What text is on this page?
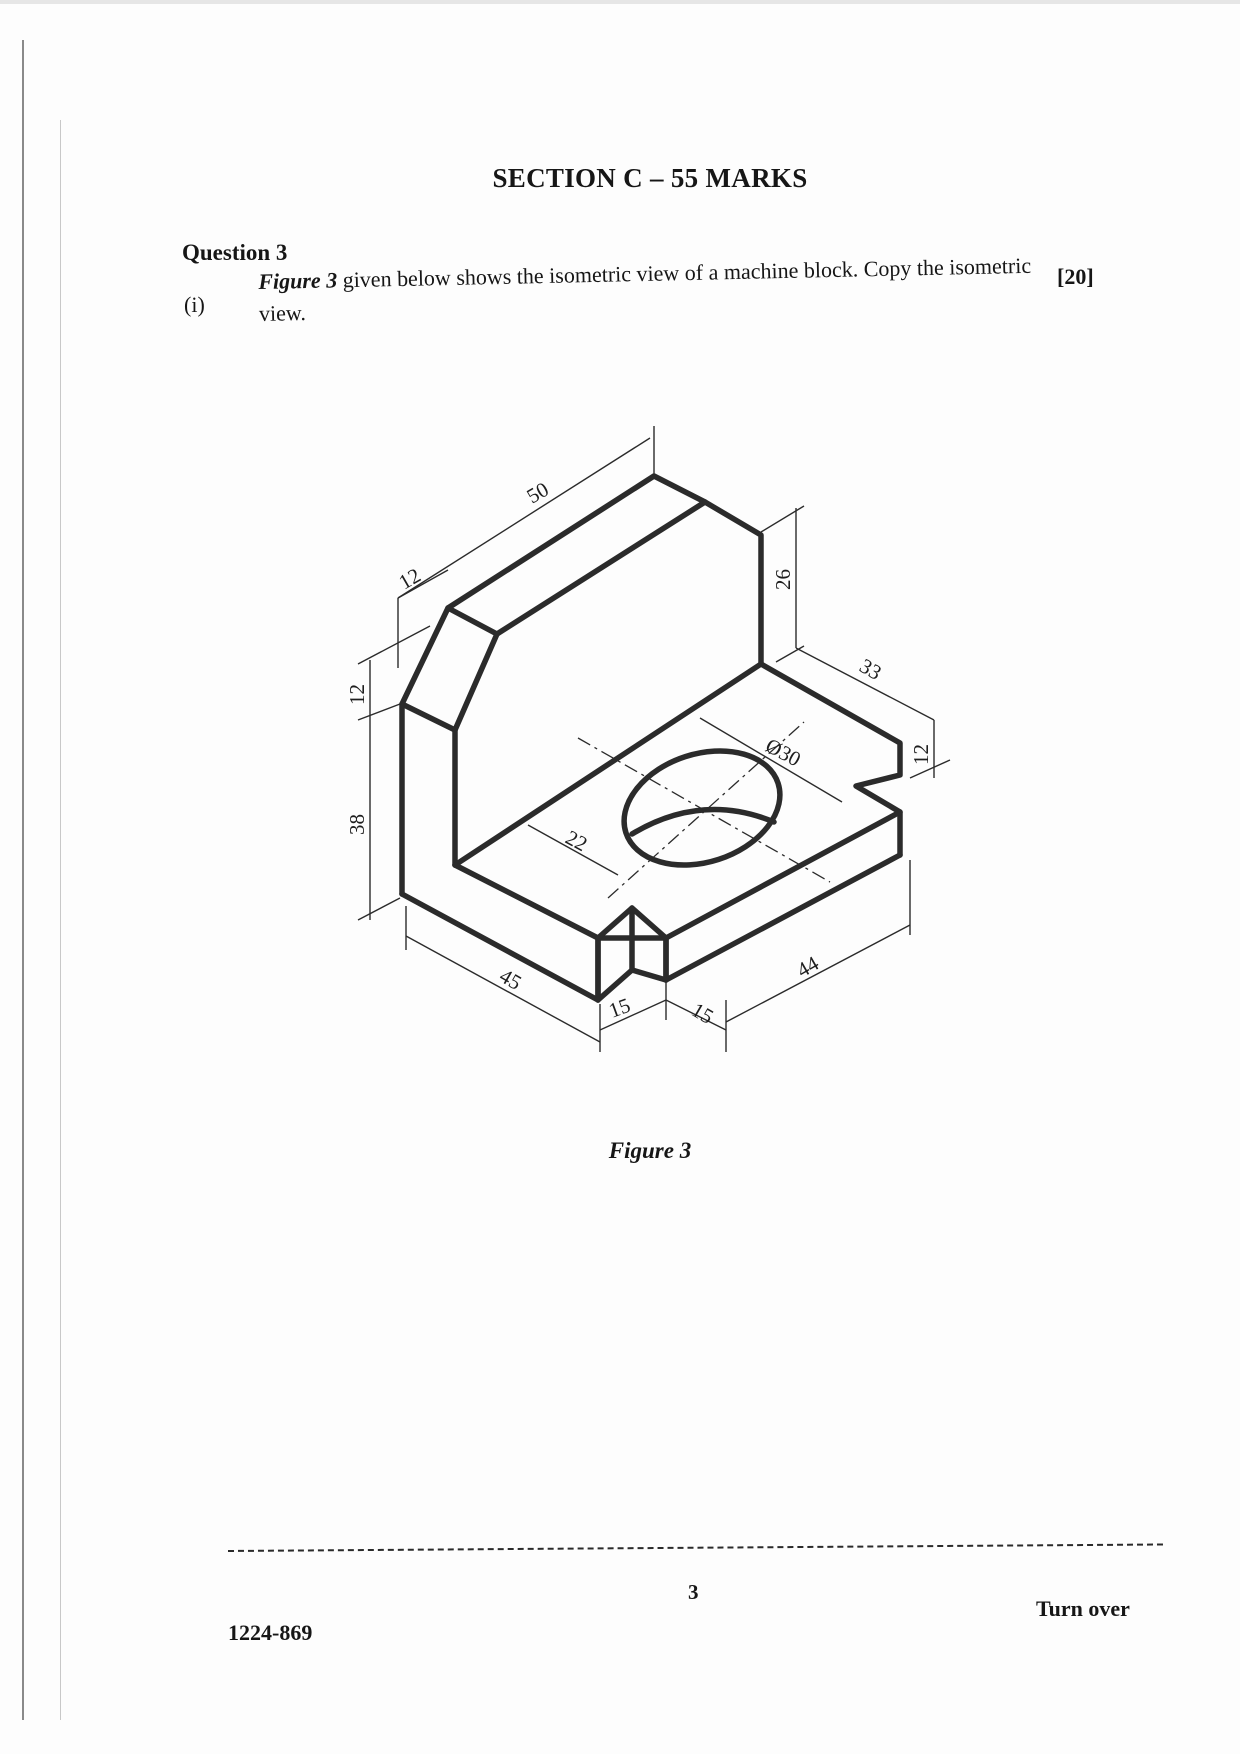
SECTION C – 55 MARKS
Question 3
(i)
Figure 3 given below shows the isometric view of a machine block. Copy the isometric view.
[20]
50
12	26
33
12
12
38
Ø30
22
45
15	15
44
Figure 3
3
1224-869
Turn over
